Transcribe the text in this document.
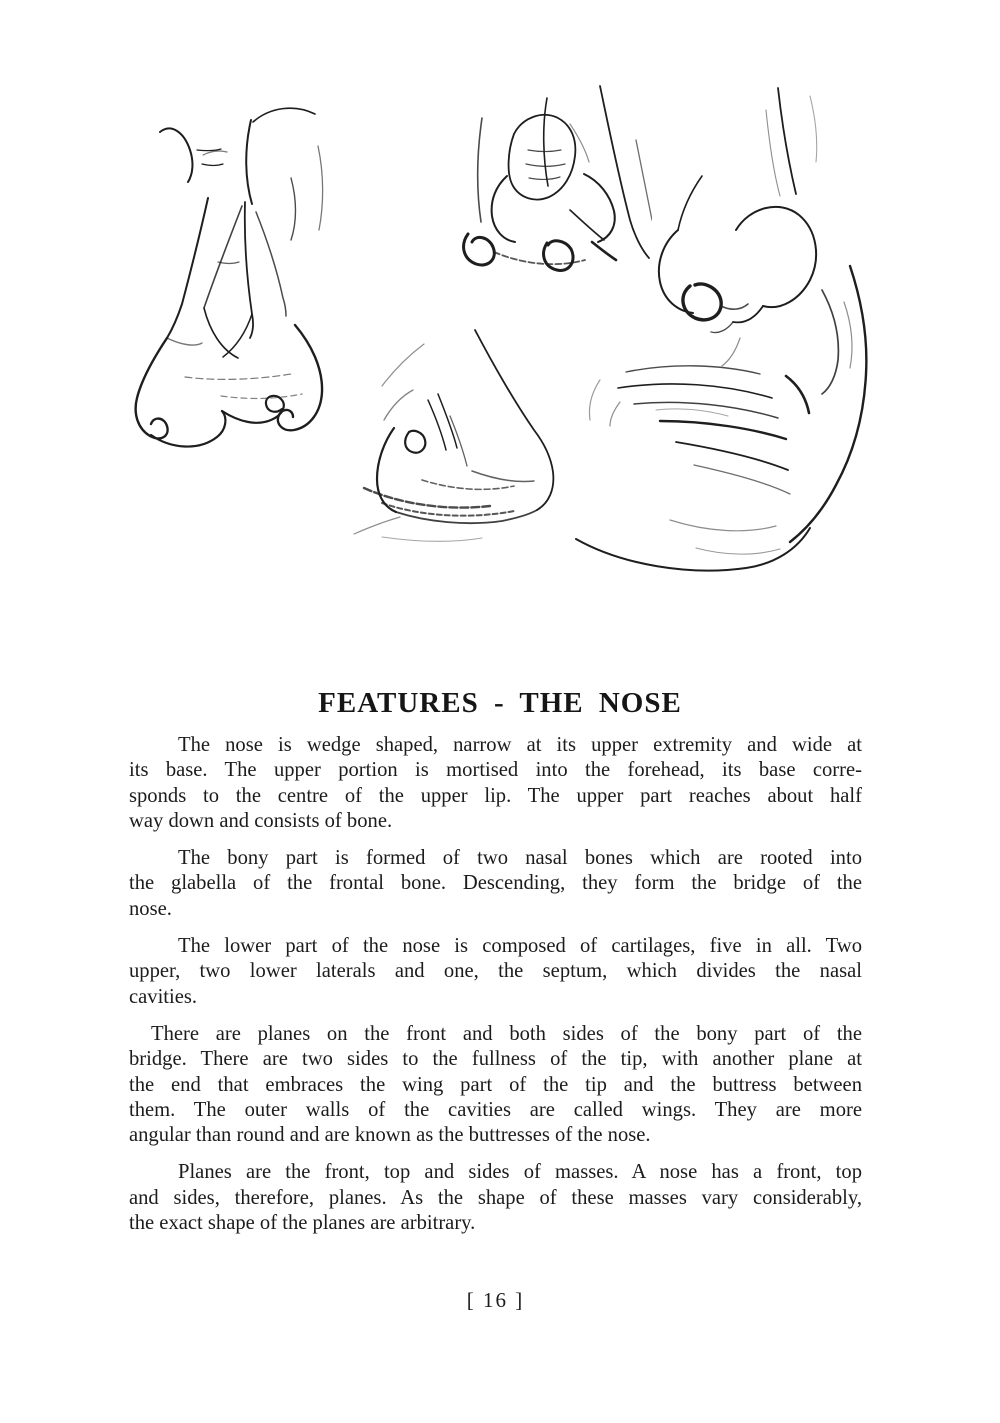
FEATURES - THE NOSE

The nose is wedge shaped, narrow at its upper extremity and wide at
its base. The upper portion is mortised into the forehead, its base corre-
sponds to the centre of the upper lip. The upper part reaches about half
way down and consists of bone.

The bony part is formed of two nasal bones which are rooted into
the glabella of the frontal bone. Descending, they form the bridge of the
nose.

The lower part of the nose is composed of cartilages, five in all. Two
upper, two lower laterals and one, the septum, which divides the nasal
cavities.

There are planes on the front and both sides of the bony part of the
bridge. There are two sides to the fullness of the tip, with another plane at
the end that embraces the wing part of the tip and the buttress between
them. The outer walls of the cavities are called wings. They are more
angular than round and are known as the buttresses of the nose.

Planes are the front, top and sides of masses. A nose has a front, top
and sides, therefore, planes. As the shape of these masses vary considerably,
the exact shape of the planes are arbitrary.

[ 16 ]
